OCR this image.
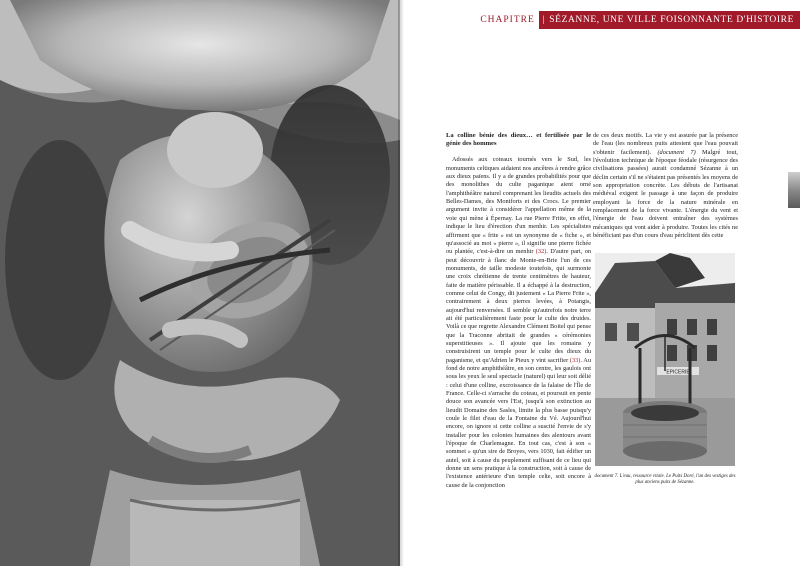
CHAPITRE | SÉZANNE, UNE VILLE FOISONNANTE D'HISTOIRE

La colline bénie des dieux… et fertilisée par le génie des hommes

Adossés aux coteaux tournés vers le Sud, les monuments celtiques aidaient nos ancêtres à rendre grâce aux dieux païens. Il y a de grandes probabilités pour que des monolithes du culte paganique aient orné l'amphithéâtre naturel comprenant les lieudits actuels des Belles-Dames, des Montforts et des Crocs. Le premier argument invite à considérer l'appellation même de la voie qui mène à Épernay. La rue Pierre Fritte, en effet, indique le lieu d'érection d'un menhir. Les spécialistes affirment que « frite » est un synonyme de « fiche », et qu'associé au mot « pierre », il signifie une pierre fichée ou plantée, c'est-à-dire un menhir (32). D'autre part, on peut découvrir à flanc de Monte-en-Brie l'un de ces monuments, de taille modeste toutefois, qui surmonte une croix chrétienne de trente centimètres de hauteur, faite de matière périssable. Il a échappé à la destruction, comme celui de Congy, dit justement « La Pierre Frite », contrairement à deux pierres levées, à Potangis, aujourd'hui renversées. Il semble qu'autrefois notre terre ait été particulièrement faste pour le culte des druides. Voilà ce que regrette Alexandre Clément Boitel qui pense que la Traconne abritait de grandes « cérémonies superstitieuses ». Il ajoute que les romains y construisirent un temple pour le culte des dieux du paganisme, et qu'Adrien le Pieux y vint sacrifier (33). Au fond de notre amphithéâtre, en son centre, les gaulois ont sous les yeux le seul spectacle (naturel) qui leur soit délié : celui d'une colline, excroissance de la falaise de l'Île de France. Celle-ci s'arrache du coteau, et poursuit en pente douce son avancée vers l'Est, jusqu'à son extinction au lieudit Domaine des Sasles, limite la plus basse puisqu'y coule le filet d'eau de la Fontaine du Vé. Aujourd'hui encore, on ignore si cette colline a suscité l'envie de s'y installer pour les colonies humaines des alentours avant l'époque de Charlemagne. En tout cas, c'est à son « sommet » qu'un sire de Broyes, vers 1030, fait édifier un autel, soit à cause du peuplement suffisant de ce lieu qui donne un sens pratique à la construction, soit à cause de l'existence antérieure d'un temple celte, soit encore à cause de la conjonction

de ces deux motifs. La vie y est assurée par la présence de l'eau (les nombreux puits attestent que l'eau pouvait s'obtenir facilement). (document 7) Malgré tout, l'évolution technique de l'époque féodale (résurgence des civilisations passées) aurait condamné Sézanne à un déclin certain s'il ne s'étaient pas présentés les moyens de son appropriation concrète. Les débuts de l'artisanat médiéval exigent le passage à une façon de produire employant la force de la nature minérale en remplacement de la force vivante. L'énergie du vent et l'énergie de l'eau doivent entraîner des systèmes mécaniques qui vont aider à produire. Toutes les cités ne bénéficiant pas d'un cours d'eau périclitent dès cette

EPICERIE
document 7. L'eau, ressource vitale. Le Puits Doré, l'un des vestiges des plus anciens puits de Sézanne.
